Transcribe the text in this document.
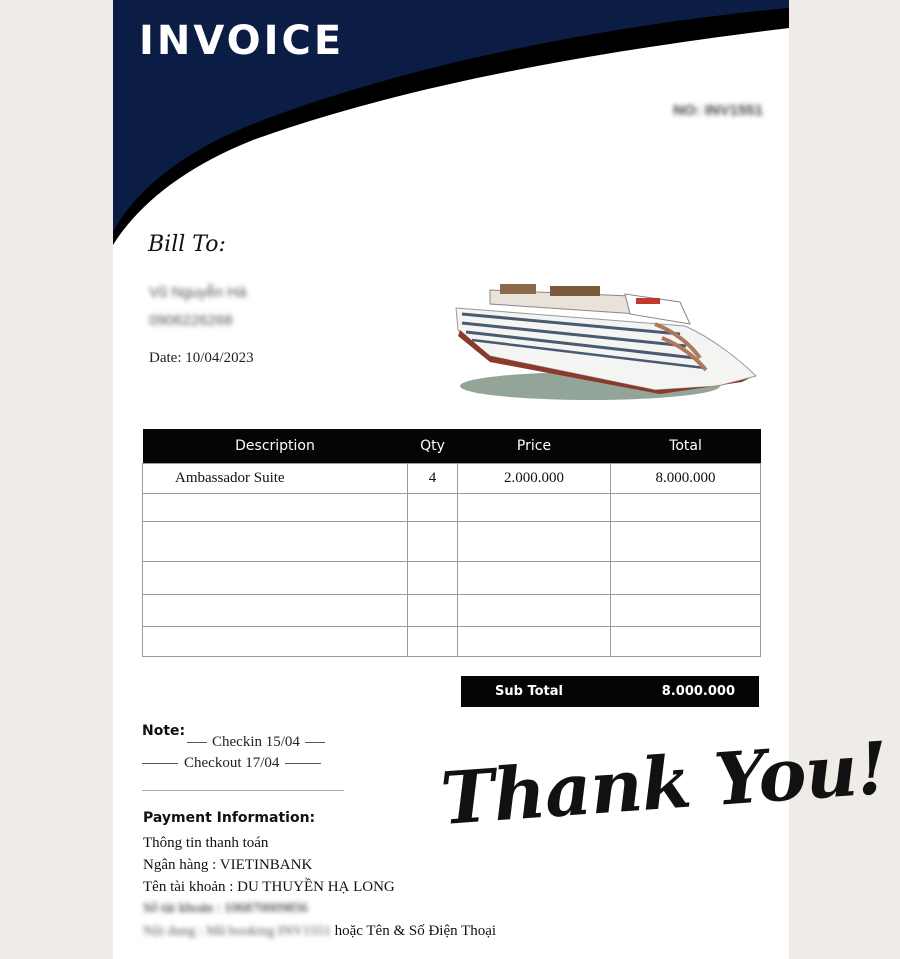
INVOICE
NO: INV1551
Bill To:
Vũ Nguyễn Hà
0906226268
Date: 10/04/2023
Description	Qty	Price	Total
Ambassador Suite	4	2.000.000	8.000.000

Sub Total	8.000.000
Note:
Checkin 15/04
Checkout 17/04
Payment Information:
Thông tin thanh toán
Ngân hàng : VIETINBANK
Tên tài khoản : DU THUYỀN HẠ LONG
Số tài khoản : 106870009856
Nội dung : Mã booking INV1551 hoặc Tên & Số Điện Thoại
Thank You!
